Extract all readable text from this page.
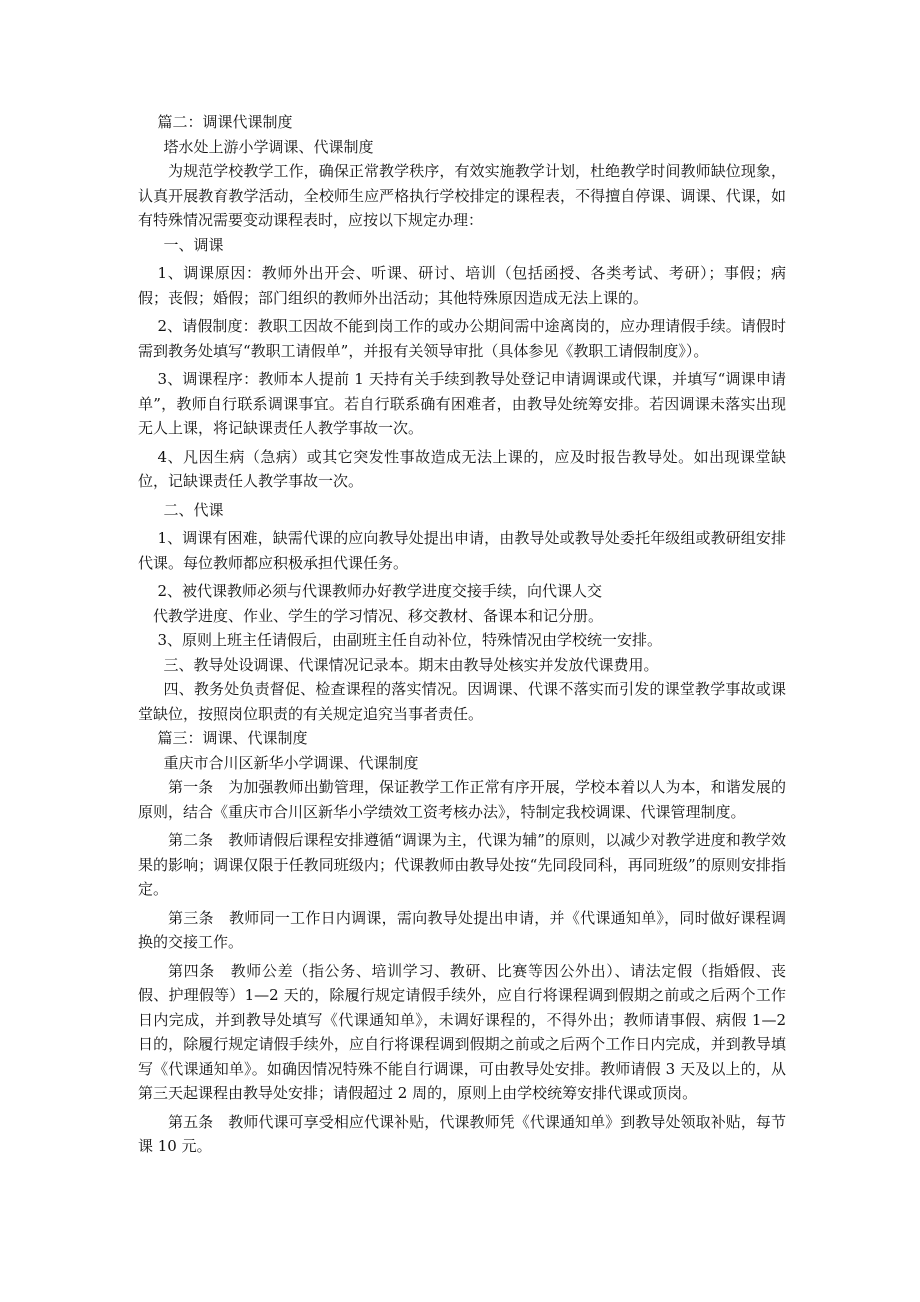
篇二：调课代课制度

塔水处上游小学调课、代课制度

为规范学校教学工作，确保正常教学秩序，有效实施教学计划，杜绝教学时间教师缺位现象，认真开展教育教学活动，全校师生应严格执行学校排定的课程表，不得擅自停课、调课、代课，如有特殊情况需要变动课程表时，应按以下规定办理：

一、调课

1、调课原因：教师外出开会、听课、研讨、培训（包括函授、各类考试、考研）；事假；病假；丧假；婚假；部门组织的教师外出活动；其他特殊原因造成无法上课的。

2、请假制度：教职工因故不能到岗工作的或办公期间需中途离岗的，应办理请假手续。请假时需到教务处填写“教职工请假单”，并报有关领导审批（具体参见《教职工请假制度》）。

3、调课程序：教师本人提前 1 天持有关手续到教导处登记申请调课或代课，并填写“调课申请单”，教师自行联系调课事宜。若自行联系确有困难者，由教导处统筹安排。若因调课未落实出现无人上课，将记缺课责任人教学事故一次。

4、凡因生病（急病）或其它突发性事故造成无法上课的，应及时报告教导处。如出现课堂缺位，记缺课责任人教学事故一次。

二、代课

1、调课有困难，缺需代课的应向教导处提出申请，由教导处或教导处委托年级组或教研组安排代课。每位教师都应积极承担代课任务。

2、被代课教师必须与代课教师办好教学进度交接手续，向代课人交

代教学进度、作业、学生的学习情况、移交教材、备课本和记分册。

3、原则上班主任请假后，由副班主任自动补位，特殊情况由学校统一安排。

三、教导处设调课、代课情况记录本。期末由教导处核实并发放代课费用。

四、教务处负责督促、检查课程的落实情况。因调课、代课不落实而引发的课堂教学事故或课堂缺位，按照岗位职责的有关规定追究当事者责任。

篇三：调课、代课制度

重庆市合川区新华小学调课、代课制度

第一条　为加强教师出勤管理，保证教学工作正常有序开展，学校本着以人为本，和谐发展的原则，结合《重庆市合川区新华小学绩效工资考核办法》，特制定我校调课、代课管理制度。

第二条　教师请假后课程安排遵循“调课为主，代课为辅”的原则，以减少对教学进度和教学效果的影响；调课仅限于任教同班级内；代课教师由教导处按“先同段同科，再同班级”的原则安排指定。

第三条　教师同一工作日内调课，需向教导处提出申请，并《代课通知单》，同时做好课程调换的交接工作。

第四条　教师公差（指公务、培训学习、教研、比赛等因公外出）、请法定假（指婚假、丧假、护理假等）1—2 天的，除履行规定请假手续外，应自行将课程调到假期之前或之后两个工作日内完成，并到教导处填写《代课通知单》，未调好课程的，不得外出；教师请事假、病假 1—2 日的，除履行规定请假手续外，应自行将课程调到假期之前或之后两个工作日内完成，并到教导填写《代课通知单》。如确因情况特殊不能自行调课，可由教导处安排。教师请假 3 天及以上的，从第三天起课程由教导处安排；请假超过 2 周的，原则上由学校统筹安排代课或顶岗。

第五条　教师代课可享受相应代课补贴，代课教师凭《代课通知单》到教导处领取补贴，每节课 10 元。
